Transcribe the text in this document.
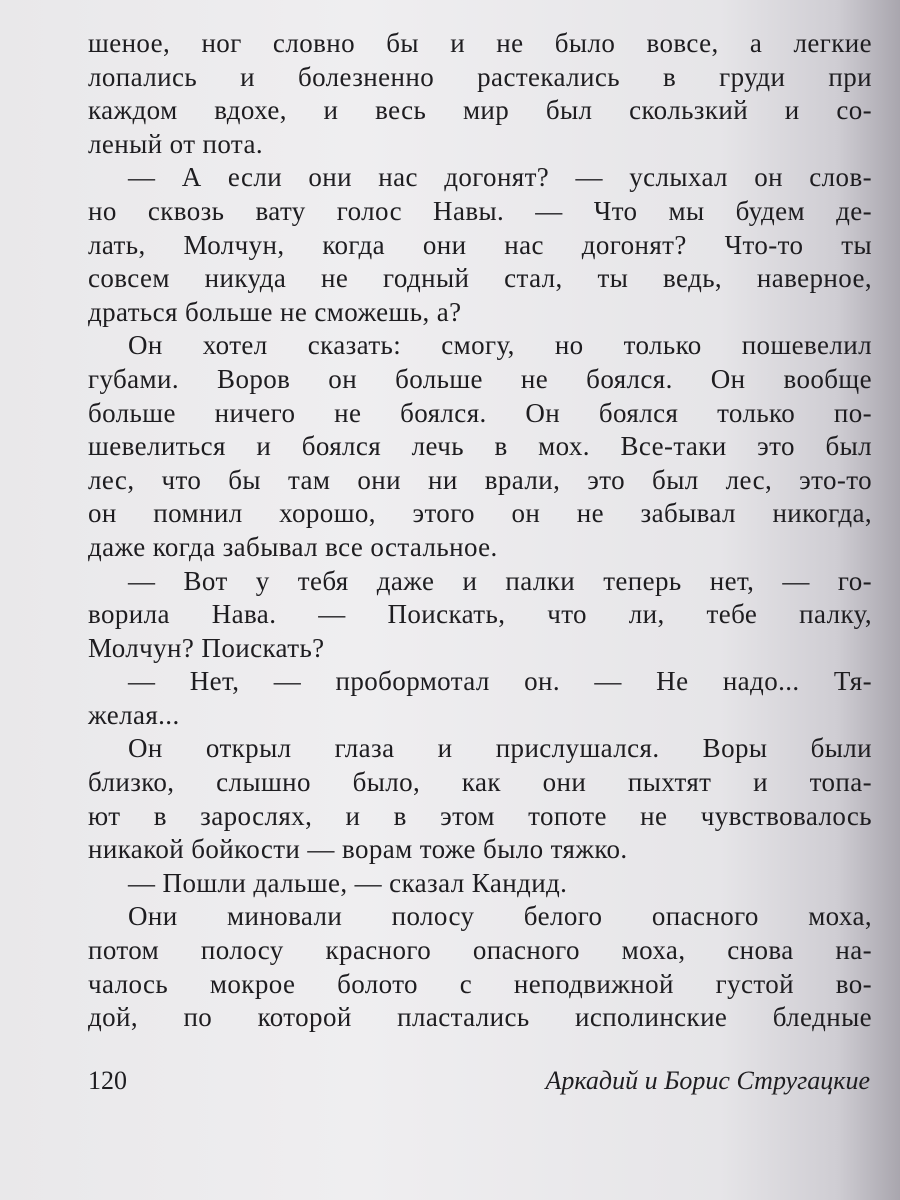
шеное, ног словно бы и не было вовсе, а легкие
лопались и болезненно растекались в груди при
каждом вдохе, и весь мир был скользкий и со-
леный от пота.
— А если они нас догонят? — услыхал он слов-
но сквозь вату голос Навы. — Что мы будем де-
лать, Молчун, когда они нас догонят? Что-то ты
совсем никуда не годный стал, ты ведь, наверное,
драться больше не сможешь, а?
Он хотел сказать: смогу, но только пошевелил
губами. Воров он больше не боялся. Он вообще
больше ничего не боялся. Он боялся только по-
шевелиться и боялся лечь в мох. Все-таки это был
лес, что бы там они ни врали, это был лес, это-то
он помнил хорошо, этого он не забывал никогда,
даже когда забывал все остальное.
— Вот у тебя даже и палки теперь нет, — го-
ворила Нава. — Поискать, что ли, тебе палку,
Молчун? Поискать?
— Нет, — пробормотал он. — Не надо... Тя-
желая...
Он открыл глаза и прислушался. Воры были
близко, слышно было, как они пыхтят и топа-
ют в зарослях, и в этом топоте не чувствовалось
никакой бойкости — ворам тоже было тяжко.
— Пошли дальше, — сказал Кандид.
Они миновали полосу белого опасного моха,
потом полосу красного опасного моха, снова на-
чалось мокрое болото с неподвижной густой во-
дой, по которой пластались исполинские бледные
120	Аркадий и Борис Стругацкие
